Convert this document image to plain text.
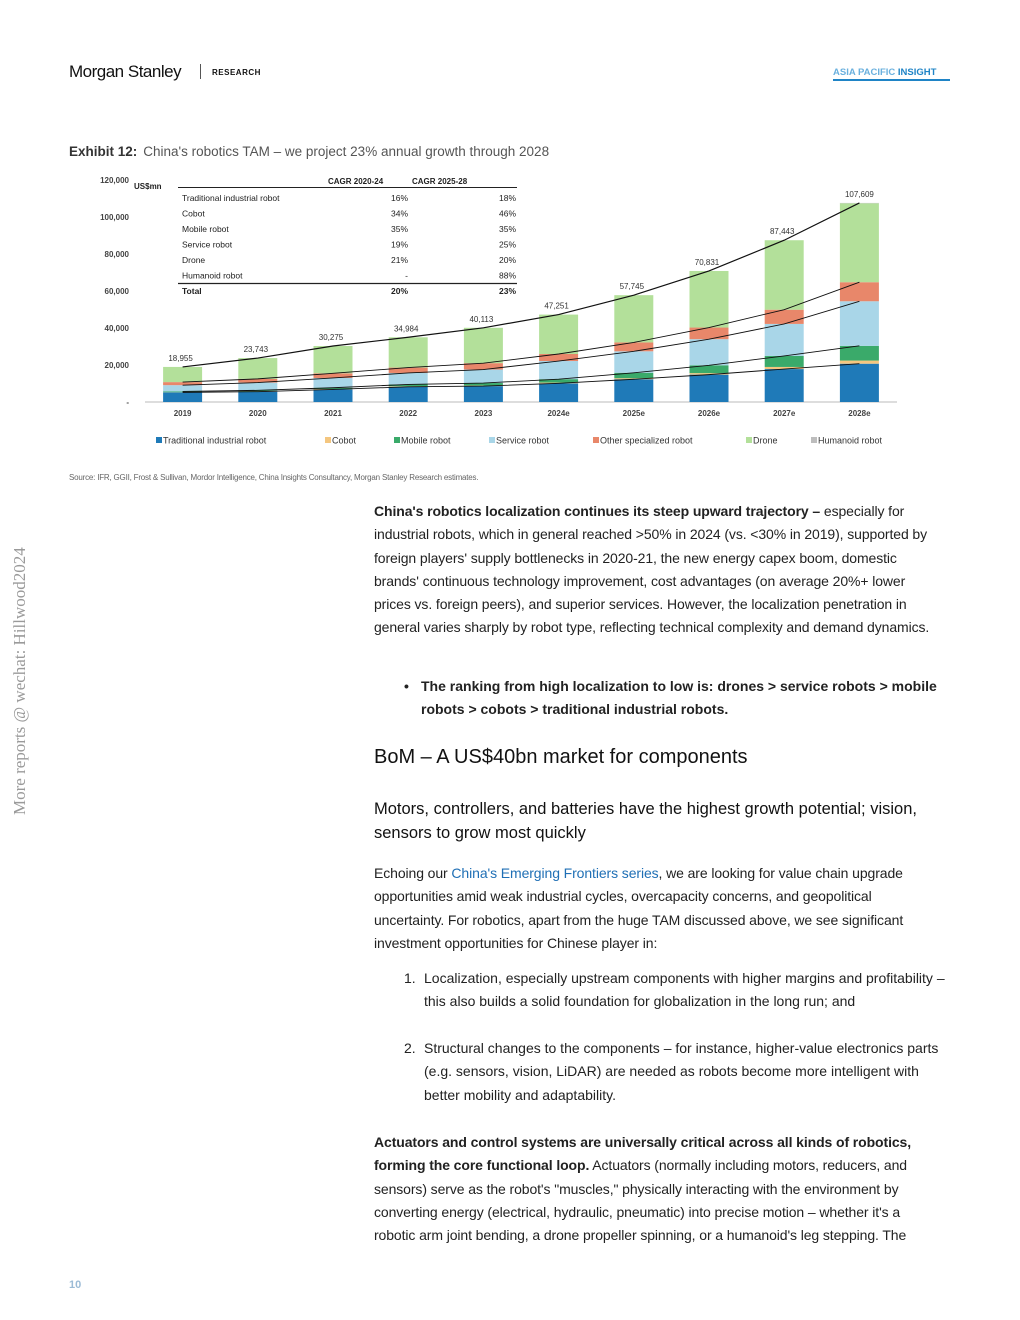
Morgan Stanley	RESEARCH	ASIA PACIFIC INSIGHT
Exhibit 12: China's robotics TAM – we project 23% annual growth through 2028
-
20,000
40,000
60,000
80,000
100,000
120,000
US$mn
2019
18,955
2020
23,743
2021
30,275
2022
34,984
2023
40,113
2024e
47,251
2025e
57,745
2026e
70,831
2027e
87,443
2028e
107,609
CAGR 2020-24	CAGR 2025-28
Traditional industrial robot	16%	18%
Cobot	34%	46%
Mobile robot	35%	35%
Service robot	19%	25%
Drone	21%	20%
Humanoid robot	-	88%
Total	20%	23%
Traditional industrial robot	Cobot	Mobile robot	Service robot	Other specialized robot	Drone	Humanoid robot
Source: IFR, GGII, Frost & Sullivan, Mordor Intelligence, China Insights Consultancy, Morgan Stanley Research estimates.
More reports @ wechat: Hillwood2024
China's robotics localization continues its steep upward trajectory – especially for industrial robots, which in general reached >50% in 2024 (vs. <30% in 2019), supported by foreign players' supply bottlenecks in 2020-21, the new energy capex boom, domestic brands' continuous technology improvement, cost advantages (on average 20%+ lower prices vs. foreign peers), and superior services. However, the localization penetration in general varies sharply by robot type, reflecting technical complexity and demand dynamics.
• The ranking from high localization to low is: drones > service robots > mobile robots > cobots > traditional industrial robots.
BoM – A US$40bn market for components
Motors, controllers, and batteries have the highest growth potential; vision, sensors to grow most quickly
Echoing our China's Emerging Frontiers series, we are looking for value chain upgrade opportunities amid weak industrial cycles, overcapacity concerns, and geopolitical uncertainty. For robotics, apart from the huge TAM discussed above, we see significant investment opportunities for Chinese player in:
1. Localization, especially upstream components with higher margins and profitability – this also builds a solid foundation for globalization in the long run; and
2. Structural changes to the components – for instance, higher-value electronics parts (e.g. sensors, vision, LiDAR) are needed as robots become more intelligent with better mobility and adaptability.
Actuators and control systems are universally critical across all kinds of robotics, forming the core functional loop. Actuators (normally including motors, reducers, and sensors) serve as the robot's "muscles," physically interacting with the environment by converting energy (electrical, hydraulic, pneumatic) into precise motion – whether it's a robotic arm joint bending, a drone propeller spinning, or a humanoid's leg stepping. The
10
